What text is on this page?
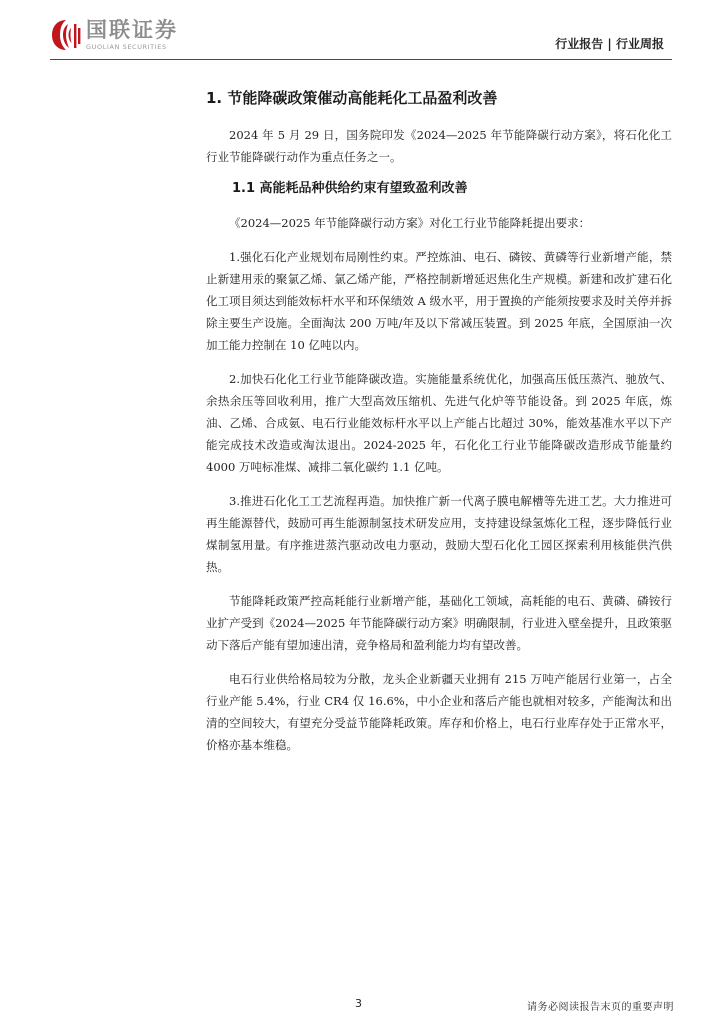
国联证券
GUOLIAN SECURITIES	行业报告 | 行业周报
1. 节能降碳政策催动高能耗化工品盈利改善

2024 年 5 月 29 日，国务院印发《2024—2025 年节能降碳行动方案》，将石化化工行业节能降碳行动作为重点任务之一。

1.1 高能耗品种供给约束有望致盈利改善

《2024—2025 年节能降碳行动方案》对化工行业节能降耗提出要求：

1.强化石化产业规划布局刚性约束。严控炼油、电石、磷铵、黄磷等行业新增产能，禁止新建用汞的聚氯乙烯、氯乙烯产能，严格控制新增延迟焦化生产规模。新建和改扩建石化化工项目须达到能效标杆水平和环保绩效 A 级水平，用于置换的产能须按要求及时关停并拆除主要生产设施。全面淘汰 200 万吨/年及以下常减压装置。到 2025 年底，全国原油一次加工能力控制在 10 亿吨以内。

2.加快石化化工行业节能降碳改造。实施能量系统优化，加强高压低压蒸汽、驰放气、余热余压等回收利用，推广大型高效压缩机、先进气化炉等节能设备。到 2025 年底，炼油、乙烯、合成氨、电石行业能效标杆水平以上产能占比超过 30%，能效基准水平以下产能完成技术改造或淘汰退出。2024-2025 年，石化化工行业节能降碳改造形成节能量约 4000 万吨标准煤、减排二氧化碳约 1.1 亿吨。

3.推进石化化工工艺流程再造。加快推广新一代离子膜电解槽等先进工艺。大力推进可再生能源替代，鼓励可再生能源制氢技术研发应用，支持建设绿氢炼化工程，逐步降低行业煤制氢用量。有序推进蒸汽驱动改电力驱动，鼓励大型石化化工园区探索利用核能供汽供热。

节能降耗政策严控高耗能行业新增产能，基础化工领域，高耗能的电石、黄磷、磷铵行业扩产受到《2024—2025 年节能降碳行动方案》明确限制，行业进入壁垒提升，且政策驱动下落后产能有望加速出清，竞争格局和盈利能力均有望改善。

电石行业供给格局较为分散，龙头企业新疆天业拥有 215 万吨产能居行业第一，占全行业产能 5.4%，行业 CR4 仅 16.6%，中小企业和落后产能也就相对较多，产能淘汰和出清的空间较大，有望充分受益节能降耗政策。库存和价格上，电石行业库存处于正常水平，价格亦基本维稳。

3	请务必阅读报告末页的重要声明
